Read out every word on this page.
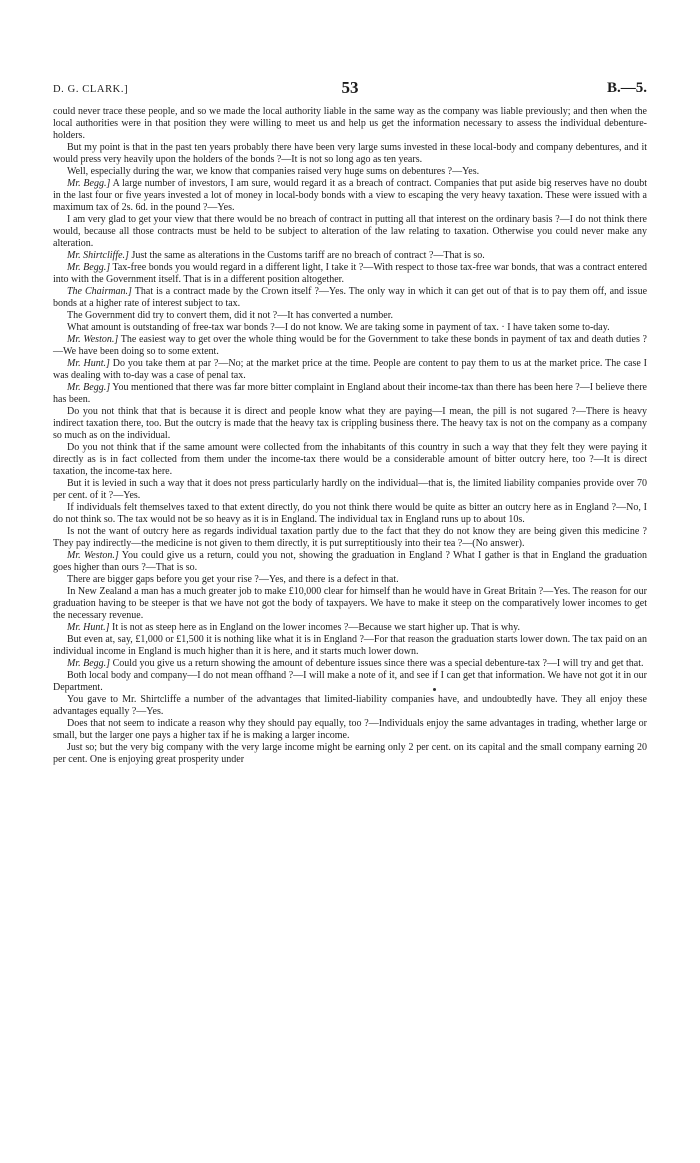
D. G. CLARK.]	53	B.—5.

could never trace these people, and so we made the local authority liable in the same way as the company was liable previously; and then when the local authorities were in that position they were willing to meet us and help us get the information necessary to assess the individual debenture-holders.

But my point is that in the past ten years probably there have been very large sums invested in these local-body and company debentures, and it would press very heavily upon the holders of the bonds ?—It is not so long ago as ten years.

Well, especially during the war, we know that companies raised very huge sums on debentures ?—Yes.

Mr. Begg.] A large number of investors, I am sure, would regard it as a breach of contract. Companies that put aside big reserves have no doubt in the last four or five years invested a lot of money in local-body bonds with a view to escaping the very heavy taxation. These were issued with a maximum tax of 2s. 6d. in the pound ?—Yes.

I am very glad to get your view that there would be no breach of contract in putting all that interest on the ordinary basis ?—I do not think there would, because all those contracts must be held to be subject to alteration of the law relating to taxation. Otherwise you could never make any alteration.

Mr. Shirtcliffe.] Just the same as alterations in the Customs tariff are no breach of contract ?—That is so.

Mr. Begg.] Tax-free bonds you would regard in a different light, I take it ?—With respect to those tax-free war bonds, that was a contract entered into with the Government itself. That is in a different position altogether.

The Chairman.] That is a contract made by the Crown itself ?—Yes. The only way in which it can get out of that is to pay them off, and issue bonds at a higher rate of interest subject to tax.

The Government did try to convert them, did it not ?—It has converted a number.

What amount is outstanding of free-tax war bonds ?—I do not know. We are taking some in payment of tax. · I have taken some to-day.

Mr. Weston.] The easiest way to get over the whole thing would be for the Government to take these bonds in payment of tax and death duties ?—We have been doing so to some extent.

Mr. Hunt.] Do you take them at par ?—No; at the market price at the time. People are content to pay them to us at the market price. The case I was dealing with to-day was a case of penal tax.

Mr. Begg.] You mentioned that there was far more bitter complaint in England about their income-tax than there has been here ?—I believe there has been.

Do you not think that that is because it is direct and people know what they are paying—I mean, the pill is not sugared ?—There is heavy indirect taxation there, too. But the outcry is made that the heavy tax is crippling business there. The heavy tax is not on the company as a company so much as on the individual.

Do you not think that if the same amount were collected from the inhabitants of this country in such a way that they felt they were paying it directly as is in fact collected from them under the income-tax there would be a considerable amount of bitter outcry here, too ?—It is direct taxation, the income-tax here.

But it is levied in such a way that it does not press particularly hardly on the individual—that is, the limited liability companies provide over 70 per cent. of it ?—Yes.

If individuals felt themselves taxed to that extent directly, do you not think there would be quite as bitter an outcry here as in England ?—No, I do not think so. The tax would not be so heavy as it is in England. The individual tax in England runs up to about 10s.

Is not the want of outcry here as regards individual taxation partly due to the fact that they do not know they are being given this medicine ? They pay indirectly—the medicine is not given to them directly, it is put surreptitiously into their tea ?—(No answer).

Mr. Weston.] You could give us a return, could you not, showing the graduation in England ? What I gather is that in England the graduation goes higher than ours ?—That is so.

There are bigger gaps before you get your rise ?—Yes, and there is a defect in that.

In New Zealand a man has a much greater job to make £10,000 clear for himself than he would have in Great Britain ?—Yes. The reason for our graduation having to be steeper is that we have not got the body of taxpayers. We have to make it steep on the comparatively lower incomes to get the necessary revenue.

Mr. Hunt.] It is not as steep here as in England on the lower incomes ?—Because we start higher up. That is why.

But even at, say, £1,000 or £1,500 it is nothing like what it is in England ?—For that reason the graduation starts lower down. The tax paid on an individual income in England is much higher than it is here, and it starts much lower down.

Mr. Begg.] Could you give us a return showing the amount of debenture issues since there was a special debenture-tax ?—I will try and get that.

Both local body and company—I do not mean offhand ?—I will make a note of it, and see if I can get that information. We have not got it in our Department.

You gave to Mr. Shirtcliffe a number of the advantages that limited-liability companies have, and undoubtedly have. They all enjoy these advantages equally ?—Yes.

Does that not seem to indicate a reason why they should pay equally, too ?—Individuals enjoy the same advantages in trading, whether large or small, but the larger one pays a higher tax if he is making a larger income.

Just so; but the very big company with the very large income might be earning only 2 per cent. on its capital and the small company earning 20 per cent. One is enjoying great prosperity under
